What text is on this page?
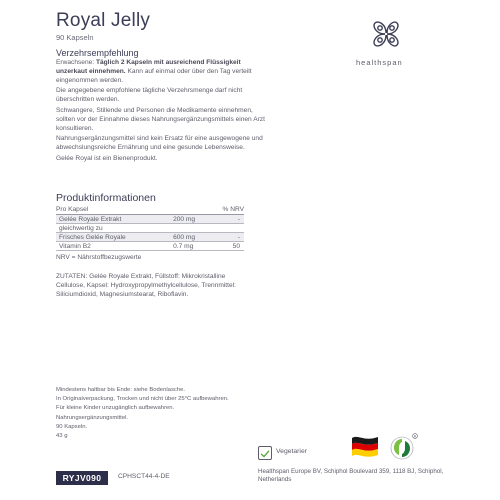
Royal Jelly
90 Kapseln
healthspan
Verzehrsempfehlung

Erwachsene: Täglich 2 Kapseln mit ausreichend Flüssigkeit unzerkaut einnehmen. Kann auf einmal oder über den Tag verteilt eingenommen werden.

Die angegebene empfohlene tägliche Verzehrsmenge darf nicht überschritten werden.

Schwangere, Stillende und Personen die Medikamente einnehmen, sollten vor der Einnahme dieses Nahrungsergänzungsmittels einen Arzt konsultieren.

Nahrungsergänzungsmittel sind kein Ersatz für eine ausgewogene und abwechslungsreiche Ernährung und eine gesunde Lebensweise.

Gelée Royal ist ein Bienenprodukt.

Produktinformationen
Pro Kapsel		% NRV
Gelée Royale Extrakt	200 mg	-
gleichwertig zu		
Frisches Gelée Royale	600 mg	-
Vitamin B2	0.7 mg	50
NRV = Nährstoffbezugswerte
ZUTATEN: Gelée Royale Extrakt, Füllstoff: Mikrokristalline Cellulose, Kapsel: Hydroxypropylmethylcellulose, Trennmittel: Siliciumdioxid, Magnesiumstearat, Riboflavin.

Mindestens haltbar bis Ende: siehe Bodenlasche.

In Originalverpackung, Trocken und nicht über 25°C aufbewahren.

Für kleine Kinder unzugänglich aufbewahren.

Nahrungsergänzungsmittel.

90 Kapseln.

43 g

RYJV090	CPHSCT44-4-DE
Vegetarier
R
Healthspan Europe BV, Schiphol Boulevard 359, 1118 BJ, Schiphol, Netherlands
